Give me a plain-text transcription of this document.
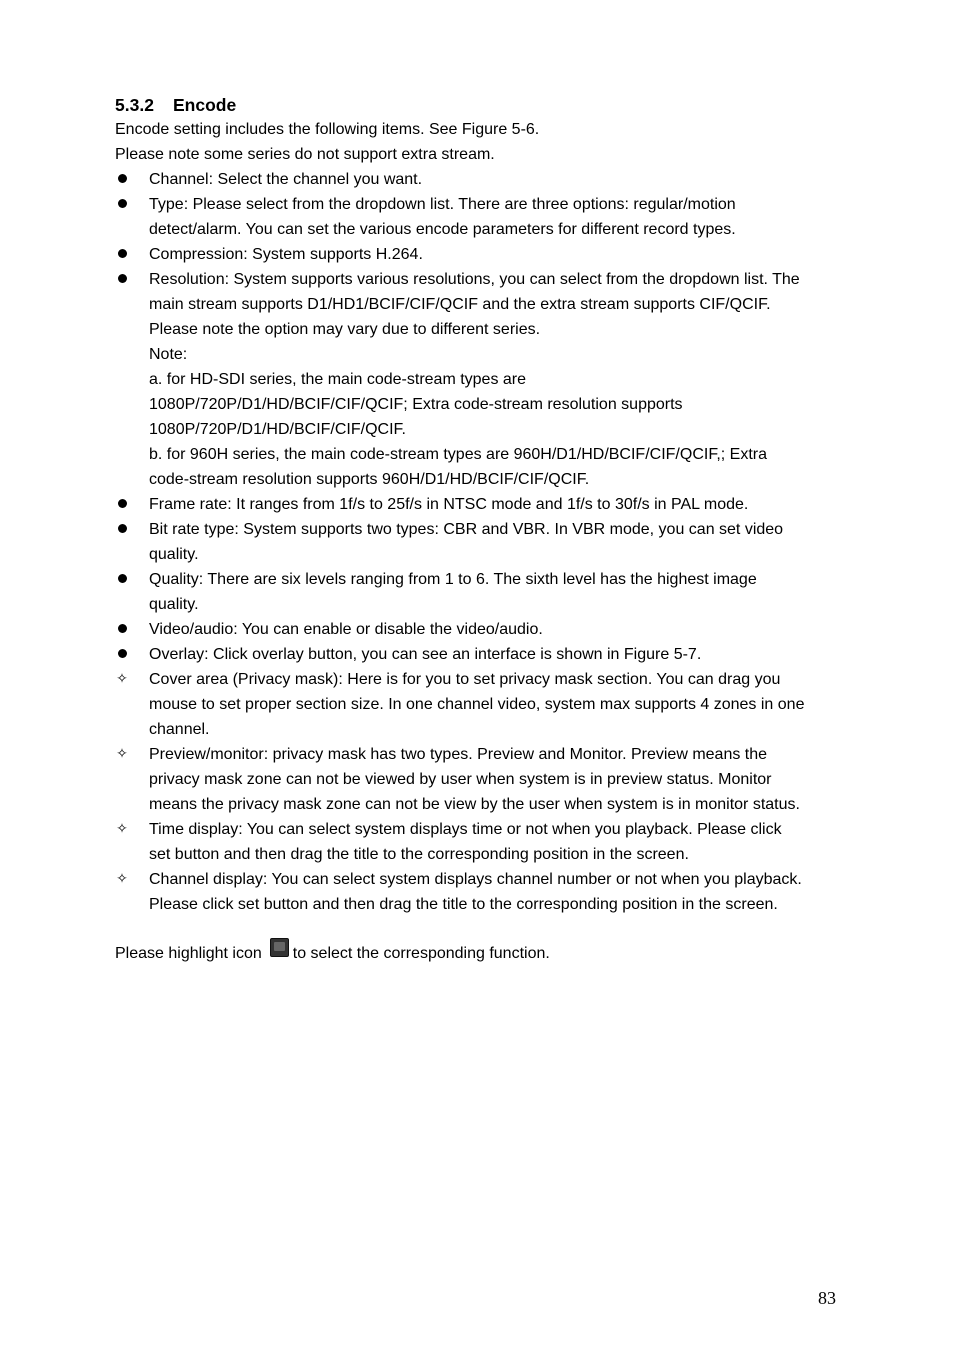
5.3.2 Encode

Encode setting includes the following items. See Figure 5-6.

Please note some series do not support extra stream.

Channel: Select the channel you want.
Type: Please select from the dropdown list. There are three options: regular/motion
detect/alarm. You can set the various encode parameters for different record types.
Compression: System supports H.264.
Resolution: System supports various resolutions, you can select from the dropdown list. The
main stream supports D1/HD1/BCIF/CIF/QCIF and the extra stream supports CIF/QCIF.
Please note the option may vary due to different series.
Note:
a. for HD-SDI series, the main code-stream types are
1080P/720P/D1/HD/BCIF/CIF/QCIF; Extra code-stream resolution supports
1080P/720P/D1/HD/BCIF/CIF/QCIF.
b. for 960H series, the main code-stream types are 960H/D1/HD/BCIF/CIF/QCIF,; Extra
code-stream resolution supports 960H/D1/HD/BCIF/CIF/QCIF.
Frame rate: It ranges from 1f/s to 25f/s in NTSC mode and 1f/s to 30f/s in PAL mode.
Bit rate type: System supports two types: CBR and VBR. In VBR mode, you can set video
quality.
Quality: There are six levels ranging from 1 to 6. The sixth level has the highest image
quality.
Video/audio: You can enable or disable the video/audio.
Overlay: Click overlay button, you can see an interface is shown in Figure 5-7.
✧ Cover area (Privacy mask): Here is for you to set privacy mask section. You can drag you
mouse to set proper section size. In one channel video, system max supports 4 zones in one
channel.
✧ Preview/monitor: privacy mask has two types. Preview and Monitor. Preview means the
privacy mask zone can not be viewed by user when system is in preview status. Monitor
means the privacy mask zone can not be view by the user when system is in monitor status.
✧ Time display: You can select system displays time or not when you playback. Please click
set button and then drag the title to the corresponding position in the screen.
✧ Channel display: You can select system displays channel number or not when you playback.
Please click set button and then drag the title to the corresponding position in the screen.
Please highlight icon to select the corresponding function.
83
